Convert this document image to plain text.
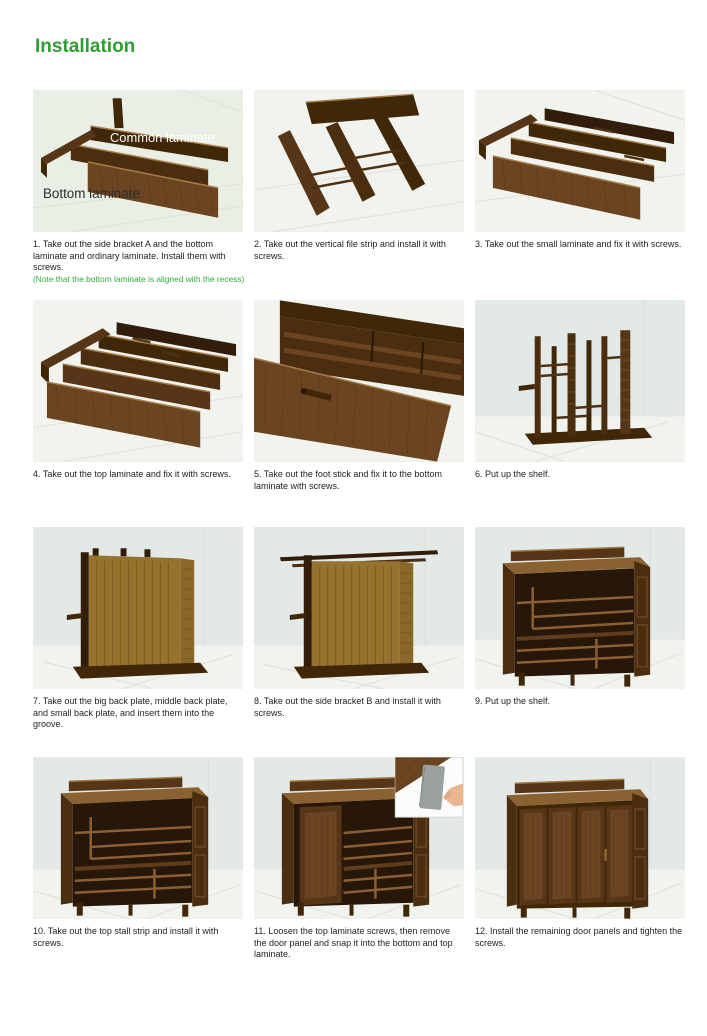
Installation
Common laminate
Bottom laminate
1. Take out the side bracket A and the bottom laminate and ordinary laminate. Install them with screws.
(Note that the bottom laminate is aligned with the recess)
2. Take out the vertical file strip and install it with screws.
3. Take out the small laminate and fix it with screws.
4. Take out the top laminate and fix it with screws.	5. Take out the foot stick and fix it to the bottom laminate with screws.
6. Put up the shelf.
7. Take out the big back plate, middle back plate, and small back plate, and insert them into the groove.
8. Take out the side bracket B and install it with screws.
9. Put up the shelf.
10. Take out the top stall strip and install it with screws.
11. Loosen the top laminate screws, then remove the door panel and snap it into the bottom and top laminate.
12. Install the remaining door panels and tighten the screws.
